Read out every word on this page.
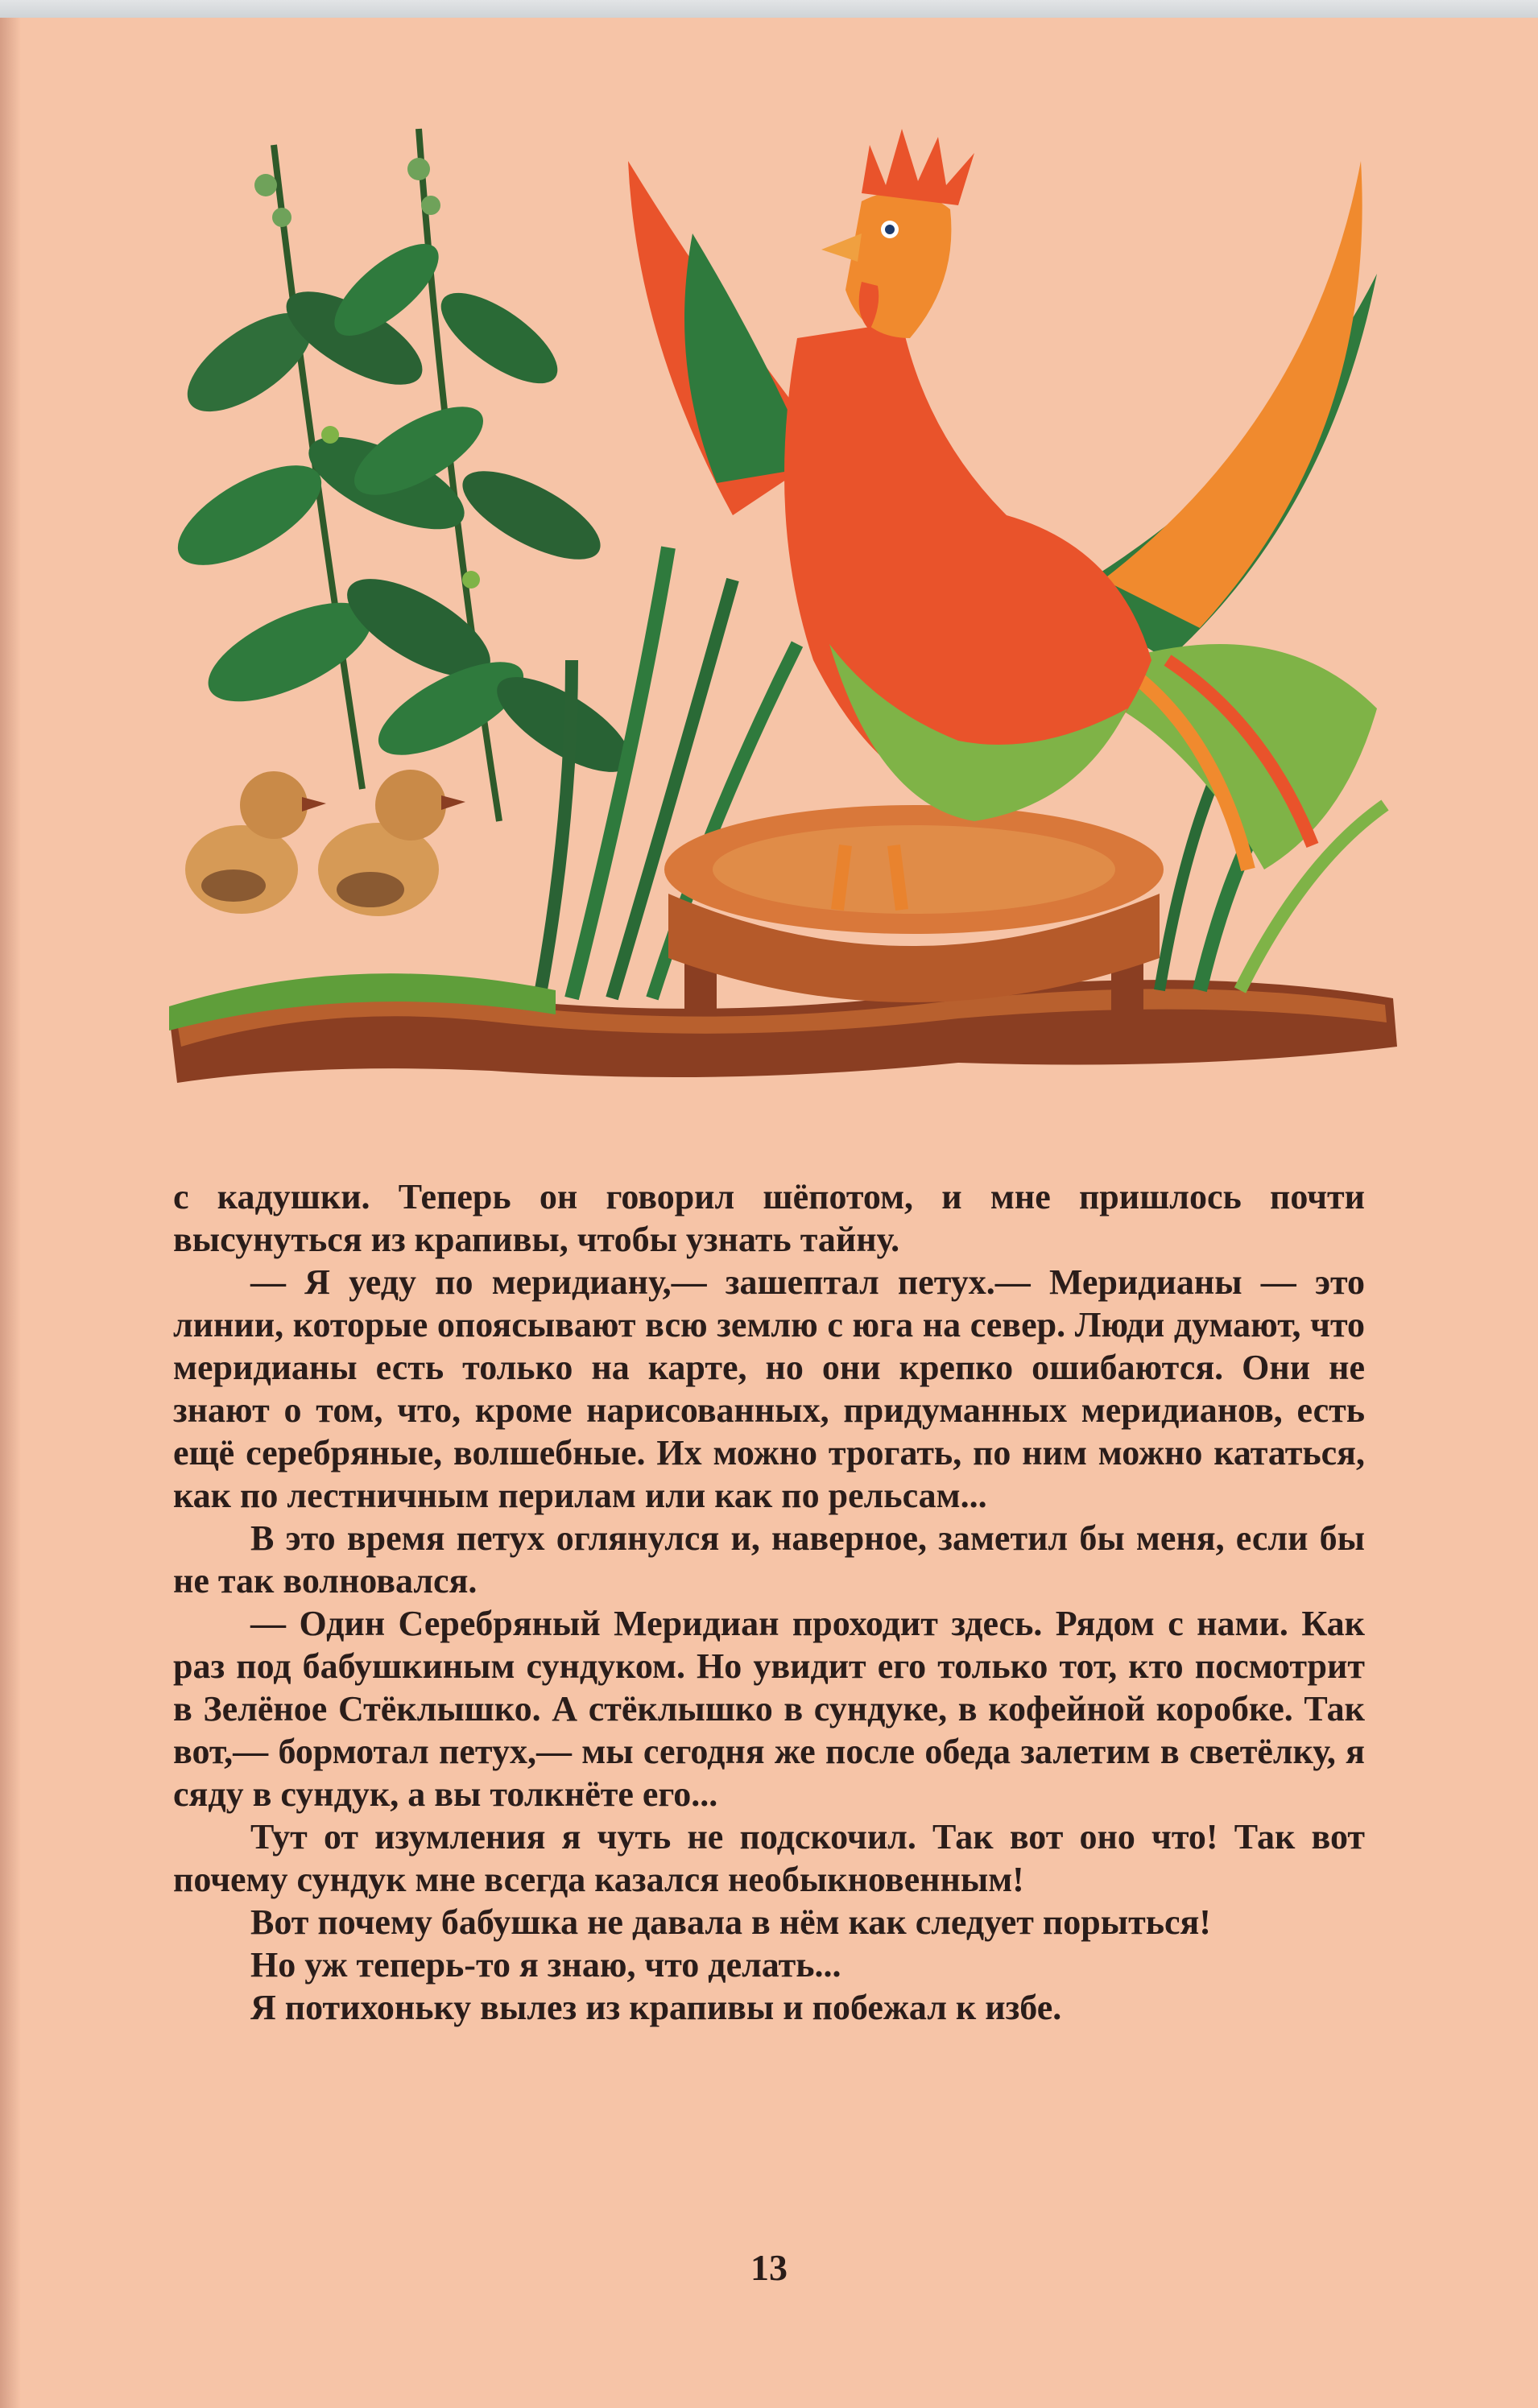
с кадушки. Теперь он говорил шёпотом, и мне пришлось почти высунуться из крапивы, чтобы узнать тайну.

— Я уеду по меридиану,— зашептал петух.— Меридианы — это линии, которые опоясывают всю землю с юга на север. Люди думают, что меридианы есть только на карте, но они крепко ошибаются. Они не знают о том, что, кроме нарисованных, придуманных меридианов, есть ещё серебряные, волшебные. Их можно трогать, по ним можно кататься, как по лестничным перилам или как по рельсам...

В это время петух оглянулся и, наверное, заметил бы меня, если бы не так волновался.

— Один Серебряный Меридиан проходит здесь. Рядом с нами. Как раз под бабушкиным сундуком. Но увидит его только тот, кто посмотрит в Зелёное Стёклышко. А стёклышко в сундуке, в кофейной коробке. Так вот,— бормотал петух,— мы сегодня же после обеда залетим в светёлку, я сяду в сундук, а вы толкнёте его...

Тут от изумления я чуть не подскочил. Так вот оно что! Так вот почему сундук мне всегда казался необыкновенным!

Вот почему бабушка не давала в нём как следует порыться!

Но уж теперь-то я знаю, что делать...

Я потихоньку вылез из крапивы и побежал к избе.

13
